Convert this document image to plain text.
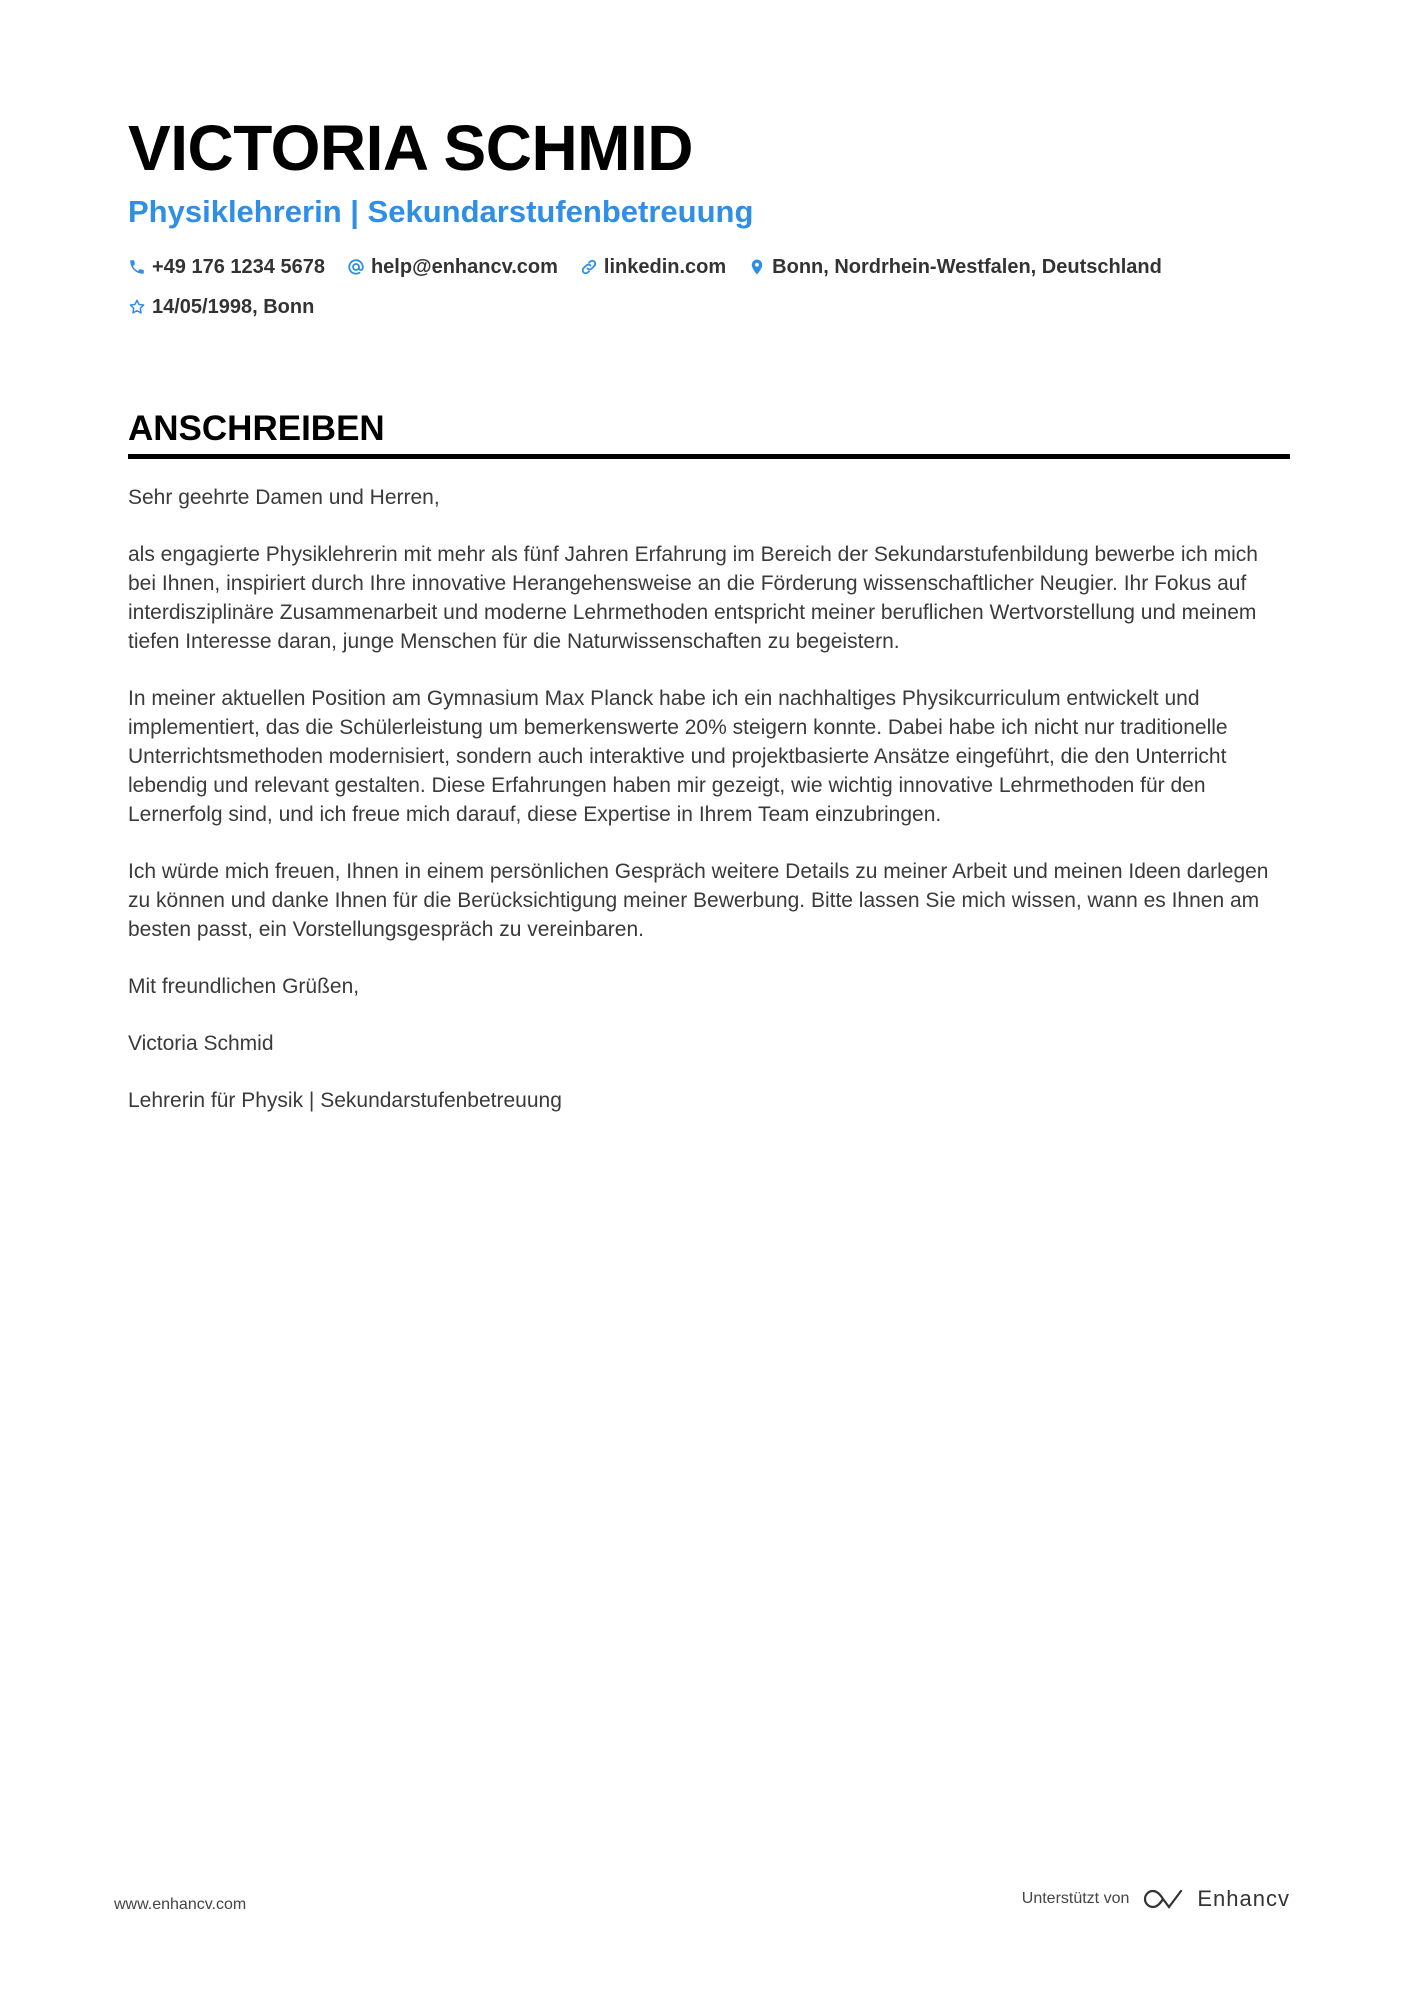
VICTORIA SCHMID
Physiklehrerin | Sekundarstufenbetreuung
+49 176 1234 5678 help@enhancv.com linkedin.com Bonn, Nordrhein-Westfalen, Deutschland
14/05/1998, Bonn
ANSCHREIBEN

Sehr geehrte Damen und Herren,

als engagierte Physiklehrerin mit mehr als fünf Jahren Erfahrung im Bereich der Sekundarstufenbildung bewerbe ich mich bei Ihnen, inspiriert durch Ihre innovative Herangehensweise an die Förderung wissenschaftlicher Neugier. Ihr Fokus auf interdisziplinäre Zusammenarbeit und moderne Lehrmethoden entspricht meiner beruflichen Wertvorstellung und meinem tiefen Interesse daran, junge Menschen für die Naturwissenschaften zu begeistern.

In meiner aktuellen Position am Gymnasium Max Planck habe ich ein nachhaltiges Physikcurriculum entwickelt und implementiert, das die Schülerleistung um bemerkenswerte 20% steigern konnte. Dabei habe ich nicht nur traditionelle Unterrichtsmethoden modernisiert, sondern auch interaktive und projektbasierte Ansätze eingeführt, die den Unterricht lebendig und relevant gestalten. Diese Erfahrungen haben mir gezeigt, wie wichtig innovative Lehrmethoden für den Lernerfolg sind, und ich freue mich darauf, diese Expertise in Ihrem Team einzubringen.

Ich würde mich freuen, Ihnen in einem persönlichen Gespräch weitere Details zu meiner Arbeit und meinen Ideen darlegen zu können und danke Ihnen für die Berücksichtigung meiner Bewerbung. Bitte lassen Sie mich wissen, wann es Ihnen am besten passt, ein Vorstellungsgespräch zu vereinbaren.

Mit freundlichen Grüßen,

Victoria Schmid

Lehrerin für Physik | Sekundarstufenbetreuung

www.enhancv.com	Unterstützt von	Enhancv
